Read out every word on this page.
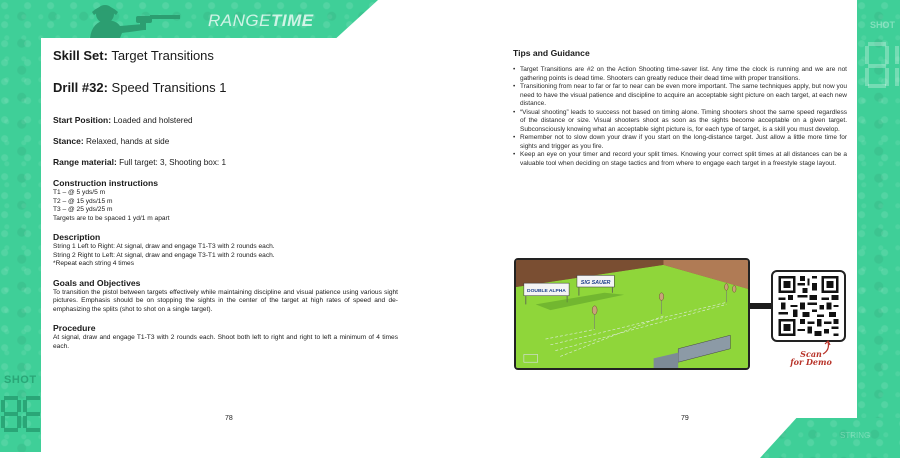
RANGETIME
SHOT
Skill Set: Target Transitions
Drill #32: Speed Transitions 1
Start Position: Loaded and holstered
Stance: Relaxed, hands at side
Range material: Full target: 3, Shooting box: 1
Construction instructions
T1 – @ 5 yds/5 m
T2 – @ 15 yds/15 m
T3 – @ 25 yds/25 m
Targets are to be spaced 1 yd/1 m apart
Description
String 1 Left to Right: At signal, draw and engage T1-T3 with 2 rounds each.
String 2 Right to Left: At signal, draw and engage T3-T1 with 2 rounds each.
*Repeat each string 4 times
Goals and Objectives
To transition the pistol between targets effectively while maintaining discipline and visual patience using various sight pictures. Emphasis should be on stopping the sights in the center of the target at high rates of speed and de-emphasizing the splits (shot to shot on a single target).
Procedure
At signal, draw and engage T1-T3 with 2 rounds each. Shoot both left to right and right to left a minimum of 4 times each.
78
SHOT
STRING
Tips and Guidance
• Target Transitions are #2 on the Action Shooting time-saver list. Any time the clock is running and we are not gathering points is dead time. Shooters can greatly reduce their dead time with proper transitions.
• Transitioning from near to far or far to near can be even more important. The same techniques apply, but now you need to have the visual patience and discipline to acquire an acceptable sight picture on each target, at each new distance.
• “Visual shooting” leads to success not based on timing alone. Timing shooters shoot the same speed regardless of the distance or size. Visual shooters shoot as soon as the sights become acceptable on a given target. Subconsciously knowing what an acceptable sight picture is, for each type of target, is a skill you must develop.
• Remember not to slow down your draw if you start on the long-distance target. Just allow a little more time for sights and trigger as you fire.
• Keep an eye on your timer and record your split times. Knowing your correct split times at all distances can be a valuable tool when deciding on stage tactics and from where to engage each target in a freestyle stage layout.
DOUBLE ALPHA
SIG SAUER
Scan
for Demo
79
